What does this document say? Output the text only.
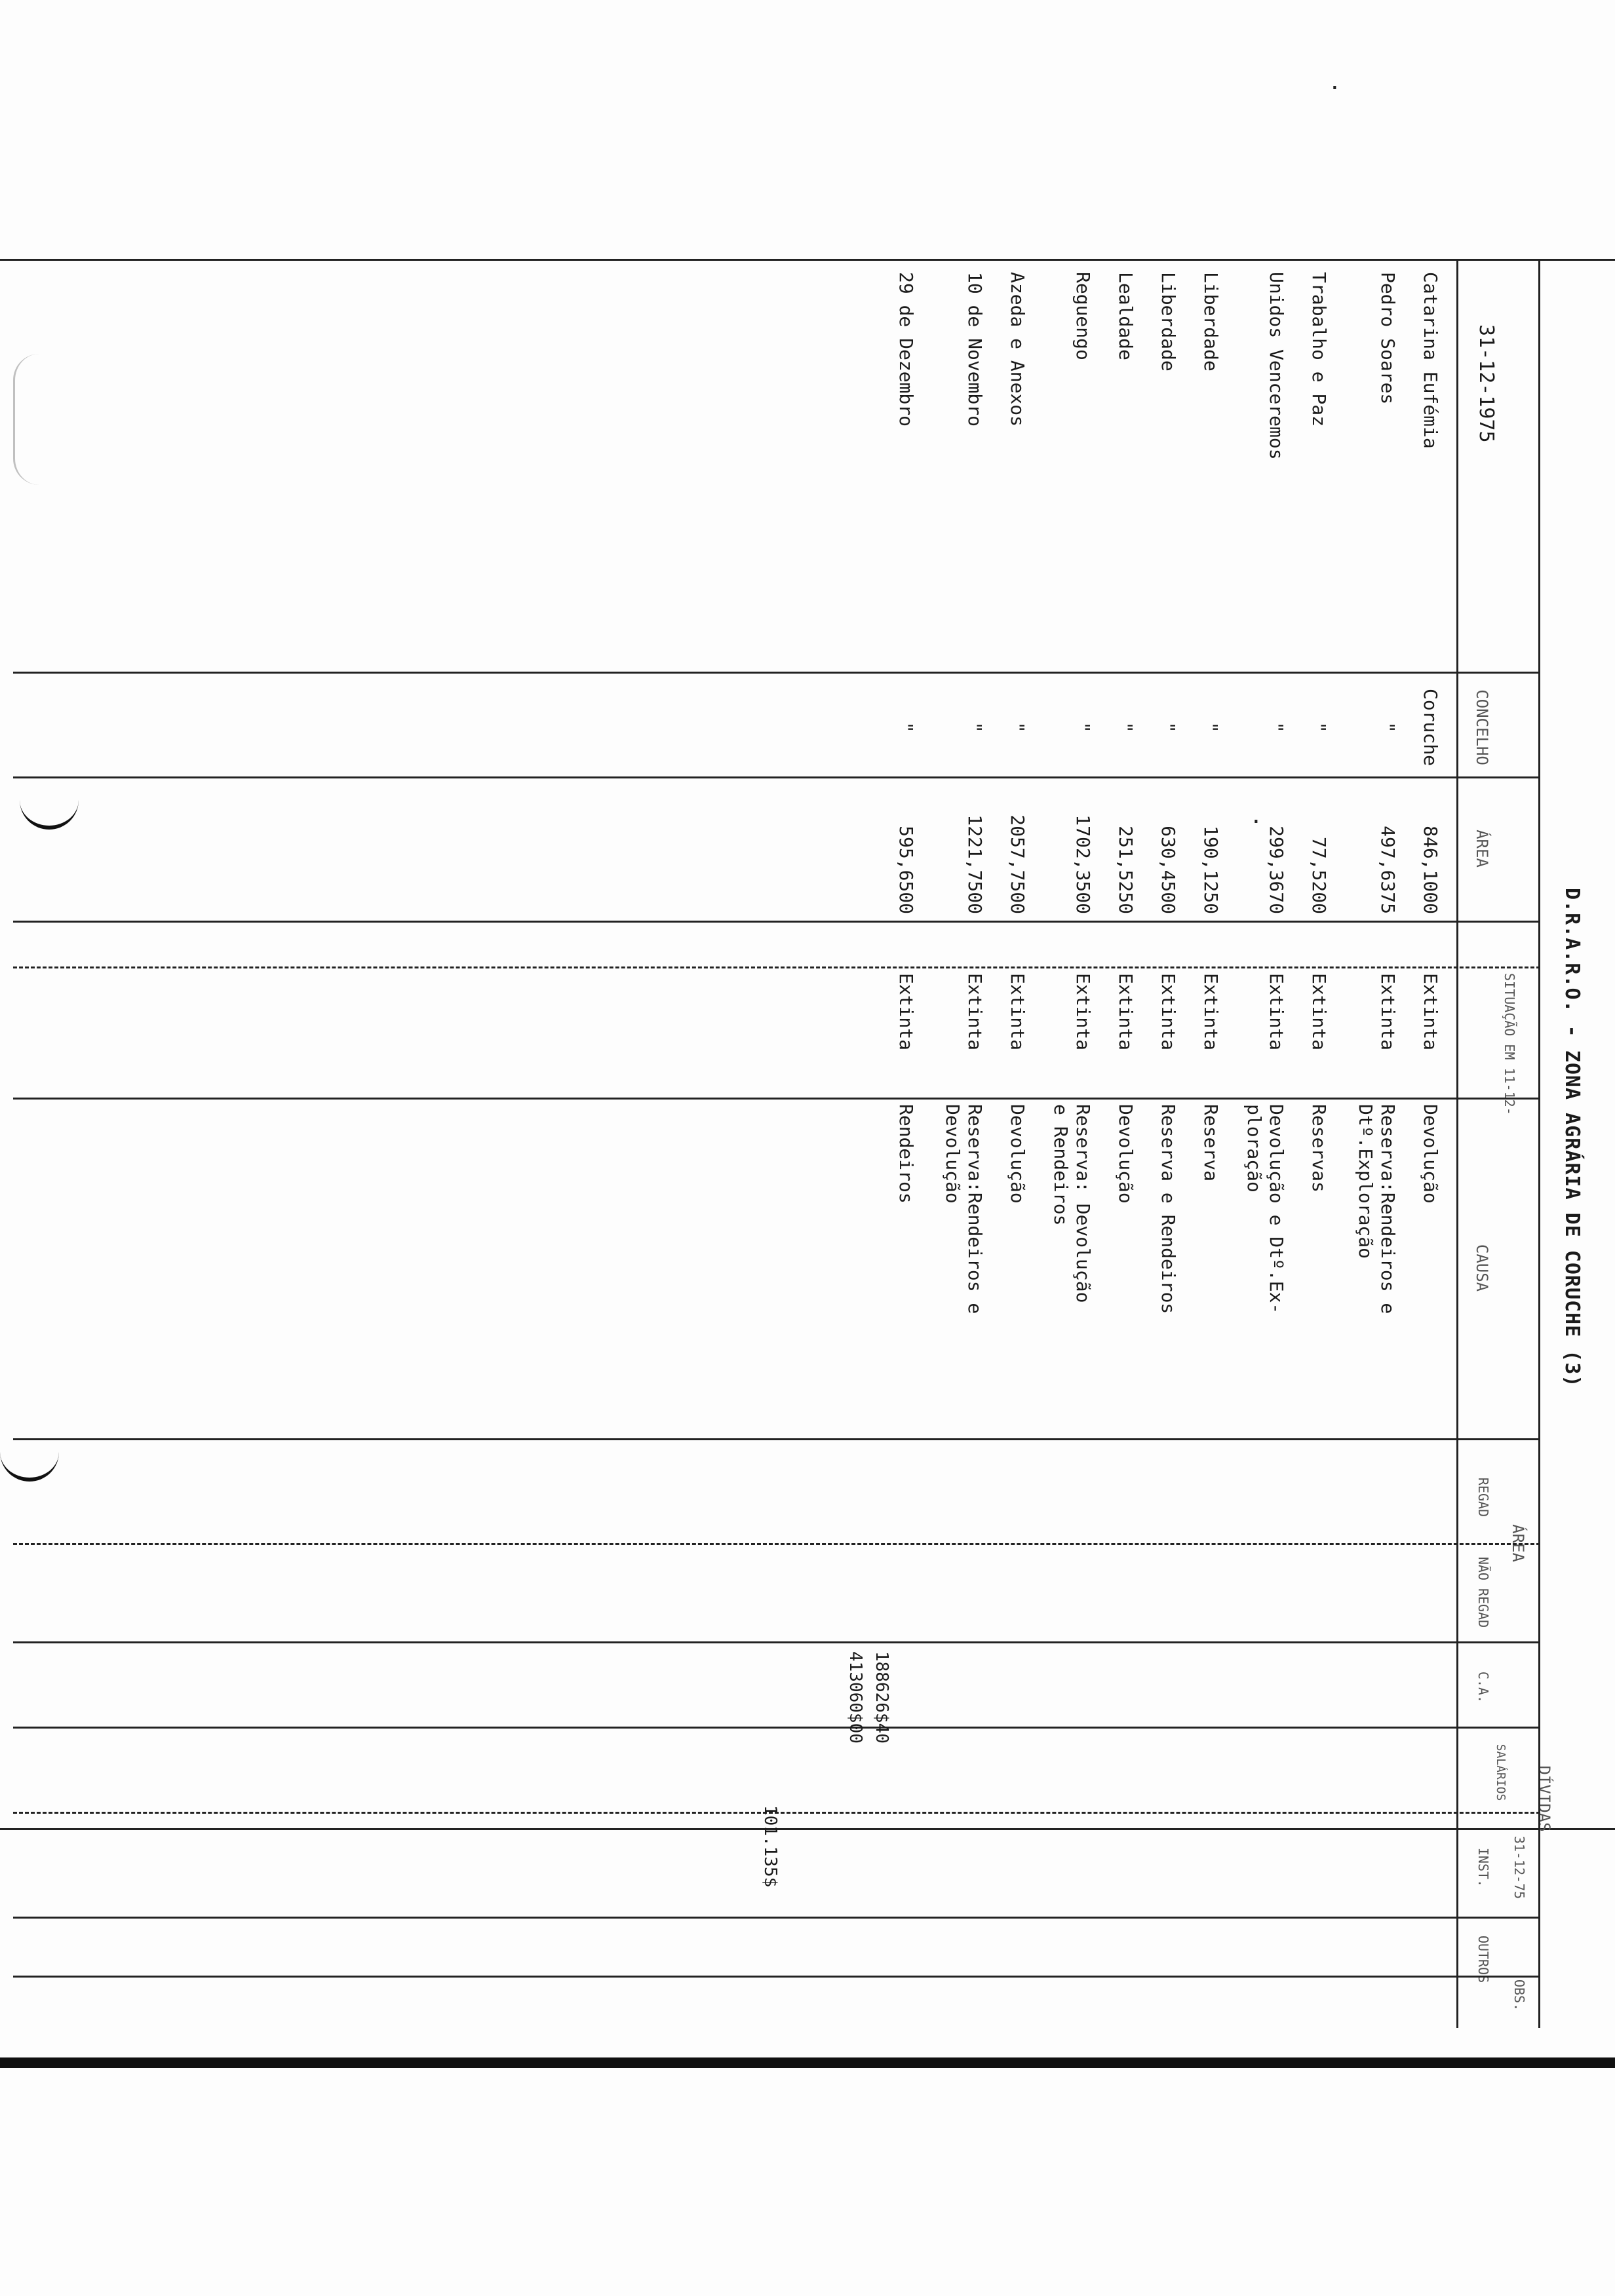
D.R.A.R.O. - ZONA AGRÁRIA DE CORUCHE (3)
31-12-1975
CONCELHO
ÁREA
SITUAÇÃO EM 11-12-
CAUSA
ÁREA
REGAD
NÃO REGAD
DÍVIDAS
C.A.
SALÁRIOS
31-12-75
INST.
OUTROS
OBS.
Catarina Eufémia
Coruche
846,1000
Extinta
Devolução
Pedro Soares
"
497,6375
Extinta
Reserva:Rendeiros e
Dtº.Exploração
Trabalho e Paz
"
77,5200
Extinta
Reservas
Unidos Venceremos
"
299,3670
Extinta
Devolução e Dtº.Ex-
ploração
Liberdade
"
190,1250
Extinta
Reserva
Liberdade
"
630,4500
Extinta
Reserva e Rendeiros
Lealdade
"
251,5250
Extinta
Devolução
Reguengo
"
1702,3500
Extinta
Reserva: Devolução
e Rendeiros
Azeda e Anexos
"
2057,7500
Extinta
Devolução
10 de Novembro
"
1221,7500
Extinta
Reserva:Rendeiros e
Devolução
29 de Dezembro
"
595,6500
Extinta
Rendeiros
188626$40
413060$00
101.135$
.
.
